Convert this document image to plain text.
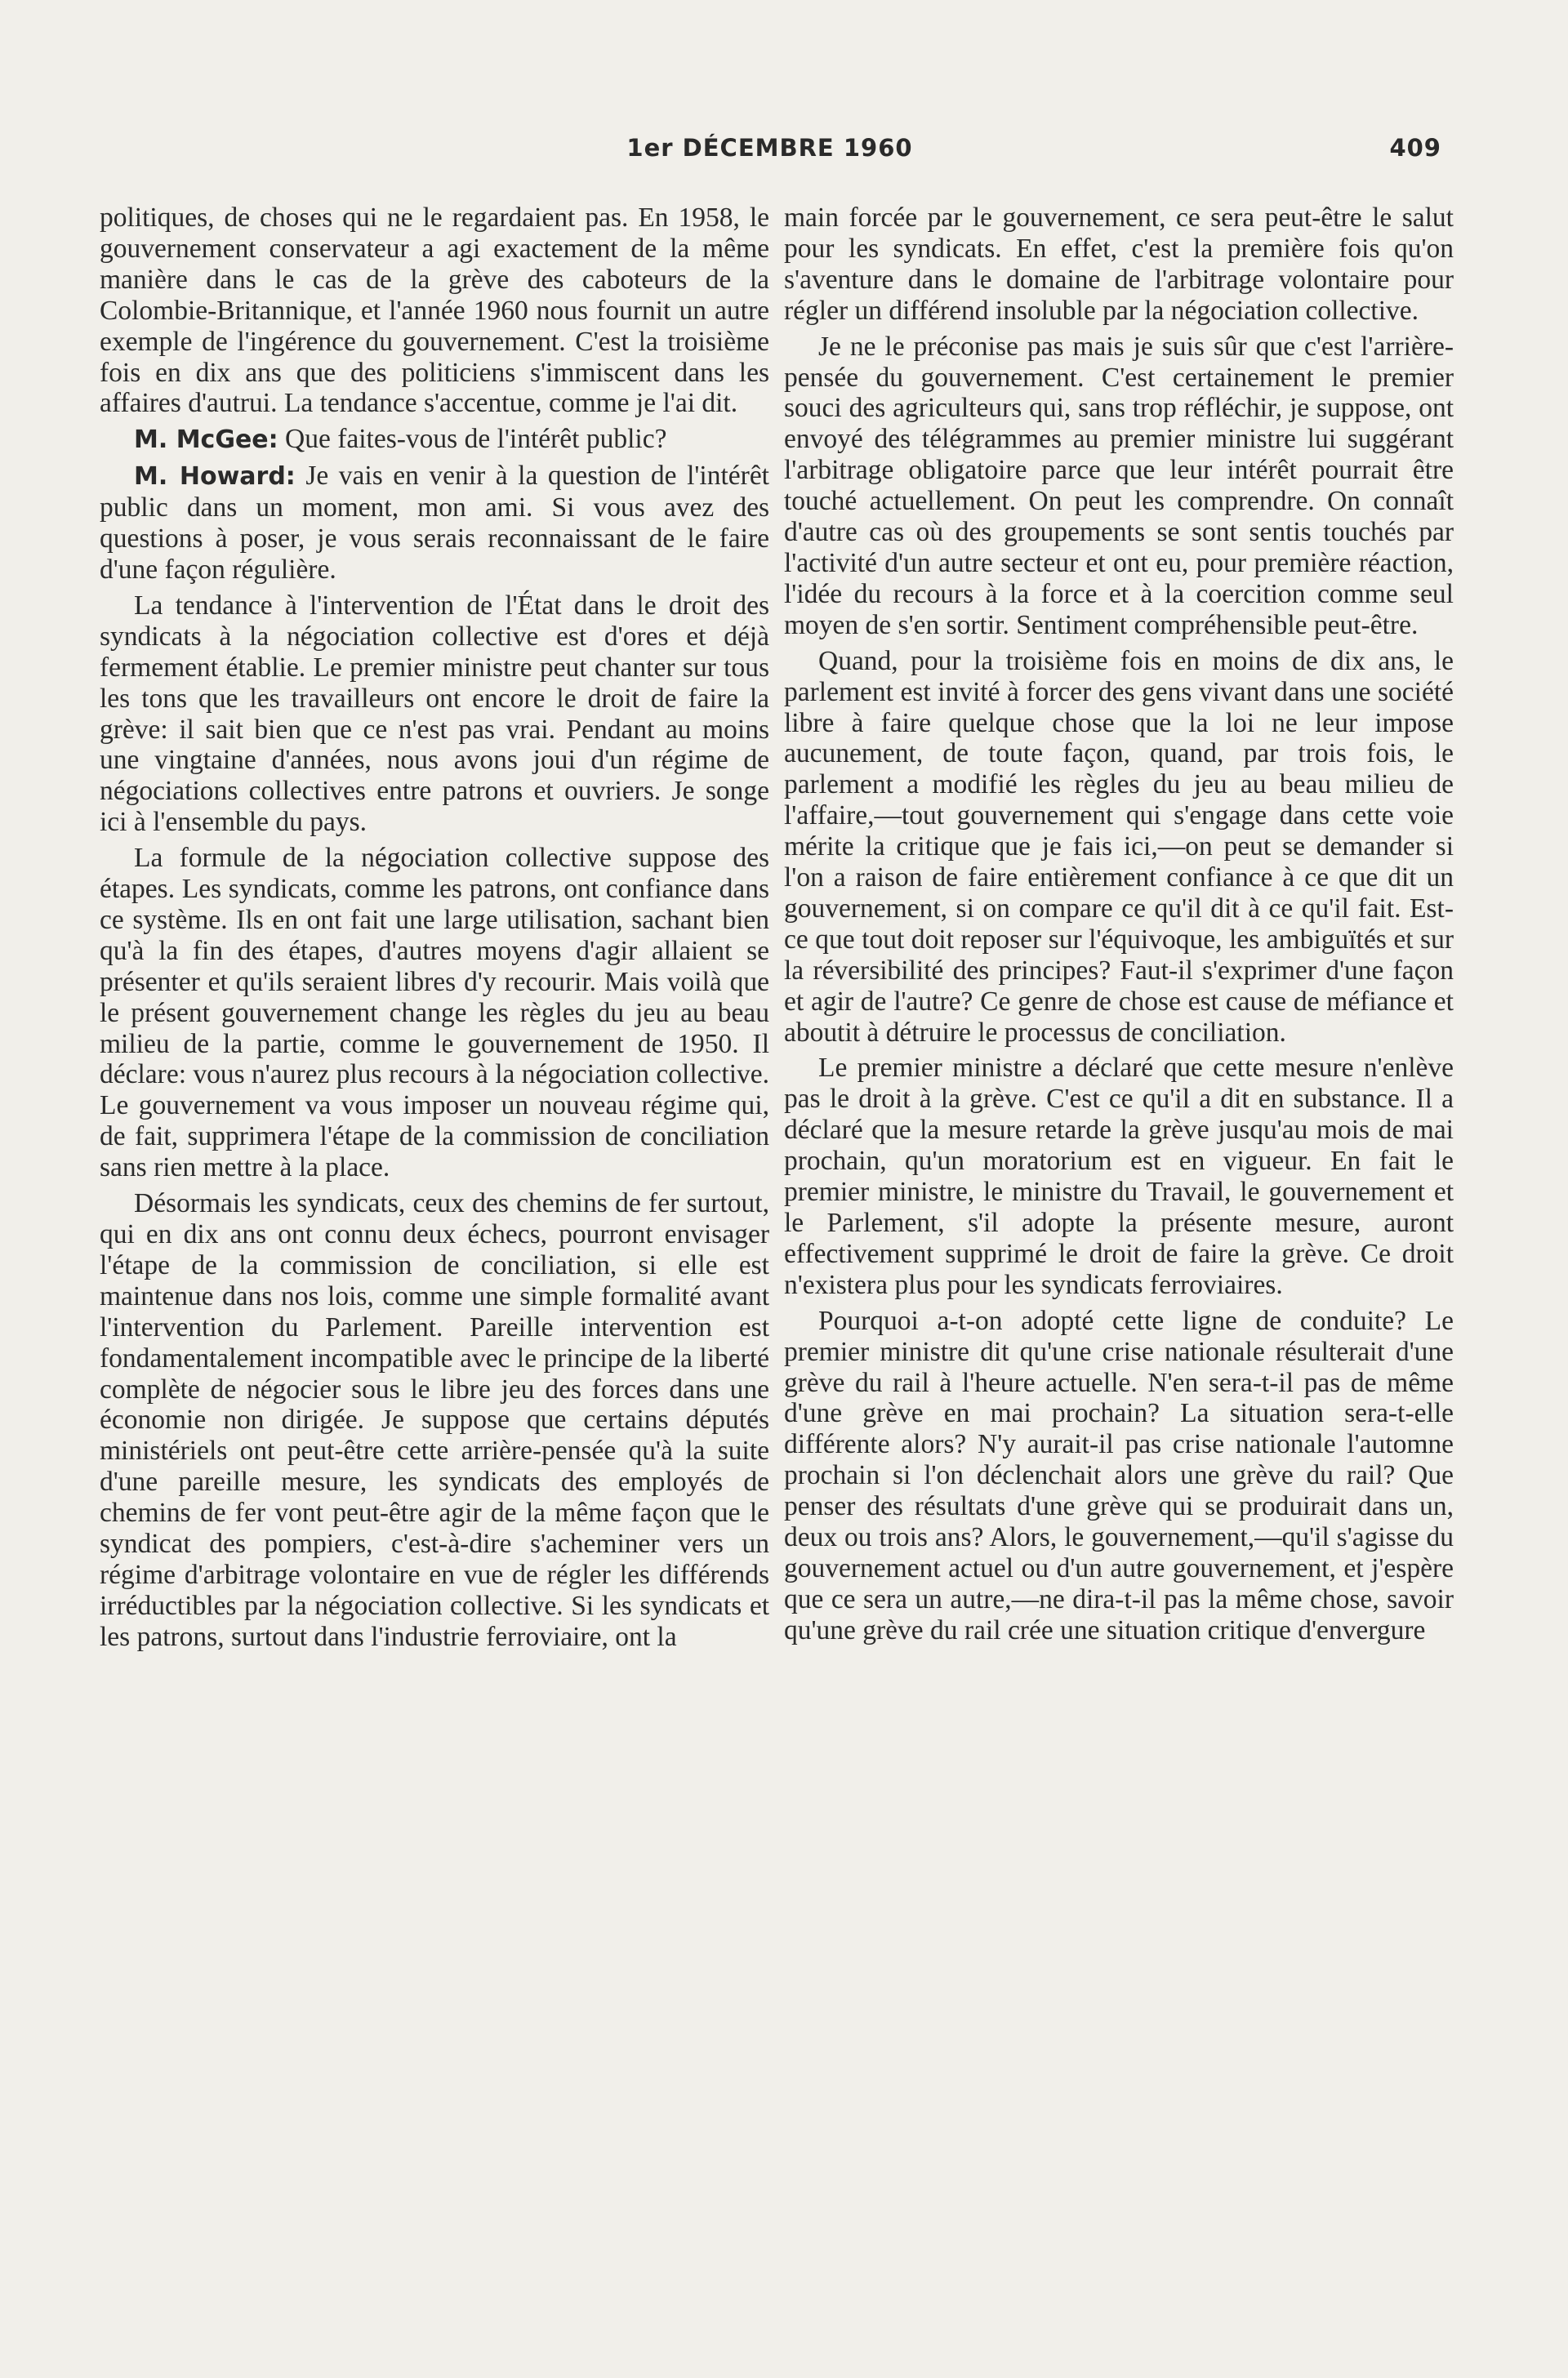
1er DÉCEMBRE 1960	409

politiques, de choses qui ne le regardaient pas. En 1958, le gouvernement conservateur a agi exactement de la même manière dans le cas de la grève des caboteurs de la Colombie-Britannique, et l'année 1960 nous fournit un autre exemple de l'ingérence du gouvernement. C'est la troisième fois en dix ans que des politiciens s'immiscent dans les affaires d'autrui. La tendance s'accentue, comme je l'ai dit.

M. McGee: Que faites-vous de l'intérêt public?

M. Howard: Je vais en venir à la question de l'intérêt public dans un moment, mon ami. Si vous avez des questions à poser, je vous serais reconnaissant de le faire d'une façon régulière.

La tendance à l'intervention de l'État dans le droit des syndicats à la négociation collective est d'ores et déjà fermement établie. Le premier ministre peut chanter sur tous les tons que les travailleurs ont encore le droit de faire la grève: il sait bien que ce n'est pas vrai. Pendant au moins une vingtaine d'années, nous avons joui d'un régime de négociations collectives entre patrons et ouvriers. Je songe ici à l'ensemble du pays.

La formule de la négociation collective suppose des étapes. Les syndicats, comme les patrons, ont confiance dans ce système. Ils en ont fait une large utilisation, sachant bien qu'à la fin des étapes, d'autres moyens d'agir allaient se présenter et qu'ils seraient libres d'y recourir. Mais voilà que le présent gouvernement change les règles du jeu au beau milieu de la partie, comme le gouvernement de 1950. Il déclare: vous n'aurez plus recours à la négociation collective. Le gouvernement va vous imposer un nouveau régime qui, de fait, supprimera l'étape de la commission de conciliation sans rien mettre à la place.

Désormais les syndicats, ceux des chemins de fer surtout, qui en dix ans ont connu deux échecs, pourront envisager l'étape de la commission de conciliation, si elle est maintenue dans nos lois, comme une simple formalité avant l'intervention du Parlement. Pareille intervention est fondamentalement incompatible avec le principe de la liberté complète de négocier sous le libre jeu des forces dans une économie non dirigée. Je suppose que certains députés ministériels ont peut-être cette arrière-pensée qu'à la suite d'une pareille mesure, les syndicats des employés de chemins de fer vont peut-être agir de la même façon que le syndicat des pompiers, c'est-à-dire s'acheminer vers un régime d'arbitrage volontaire en vue de régler les différends irréductibles par la négociation collective. Si les syndicats et les patrons, surtout dans l'industrie ferroviaire, ont la

main forcée par le gouvernement, ce sera peut-être le salut pour les syndicats. En effet, c'est la première fois qu'on s'aventure dans le domaine de l'arbitrage volontaire pour régler un différend insoluble par la négociation collective.

Je ne le préconise pas mais je suis sûr que c'est l'arrière-pensée du gouvernement. C'est certainement le premier souci des agriculteurs qui, sans trop réfléchir, je suppose, ont envoyé des télégrammes au premier ministre lui suggérant l'arbitrage obligatoire parce que leur intérêt pourrait être touché actuellement. On peut les comprendre. On connaît d'autre cas où des groupements se sont sentis touchés par l'activité d'un autre secteur et ont eu, pour première réaction, l'idée du recours à la force et à la coercition comme seul moyen de s'en sortir. Sentiment compréhensible peut-être.

Quand, pour la troisième fois en moins de dix ans, le parlement est invité à forcer des gens vivant dans une société libre à faire quelque chose que la loi ne leur impose aucunement, de toute façon, quand, par trois fois, le parlement a modifié les règles du jeu au beau milieu de l'affaire,—tout gouvernement qui s'engage dans cette voie mérite la critique que je fais ici,—on peut se demander si l'on a raison de faire entièrement confiance à ce que dit un gouvernement, si on compare ce qu'il dit à ce qu'il fait. Est-ce que tout doit reposer sur l'équivoque, les ambiguïtés et sur la réversibilité des principes? Faut-il s'exprimer d'une façon et agir de l'autre? Ce genre de chose est cause de méfiance et aboutit à détruire le processus de conciliation.

Le premier ministre a déclaré que cette mesure n'enlève pas le droit à la grève. C'est ce qu'il a dit en substance. Il a déclaré que la mesure retarde la grève jusqu'au mois de mai prochain, qu'un moratorium est en vigueur. En fait le premier ministre, le ministre du Travail, le gouvernement et le Parlement, s'il adopte la présente mesure, auront effectivement supprimé le droit de faire la grève. Ce droit n'existera plus pour les syndicats ferroviaires.

Pourquoi a-t-on adopté cette ligne de conduite? Le premier ministre dit qu'une crise nationale résulterait d'une grève du rail à l'heure actuelle. N'en sera-t-il pas de même d'une grève en mai prochain? La situation sera-t-elle différente alors? N'y aurait-il pas crise nationale l'automne prochain si l'on déclenchait alors une grève du rail? Que penser des résultats d'une grève qui se produirait dans un, deux ou trois ans? Alors, le gouvernement,—qu'il s'agisse du gouvernement actuel ou d'un autre gouvernement, et j'espère que ce sera un autre,—ne dira-t-il pas la même chose, savoir qu'une grève du rail crée une situation critique d'envergure
